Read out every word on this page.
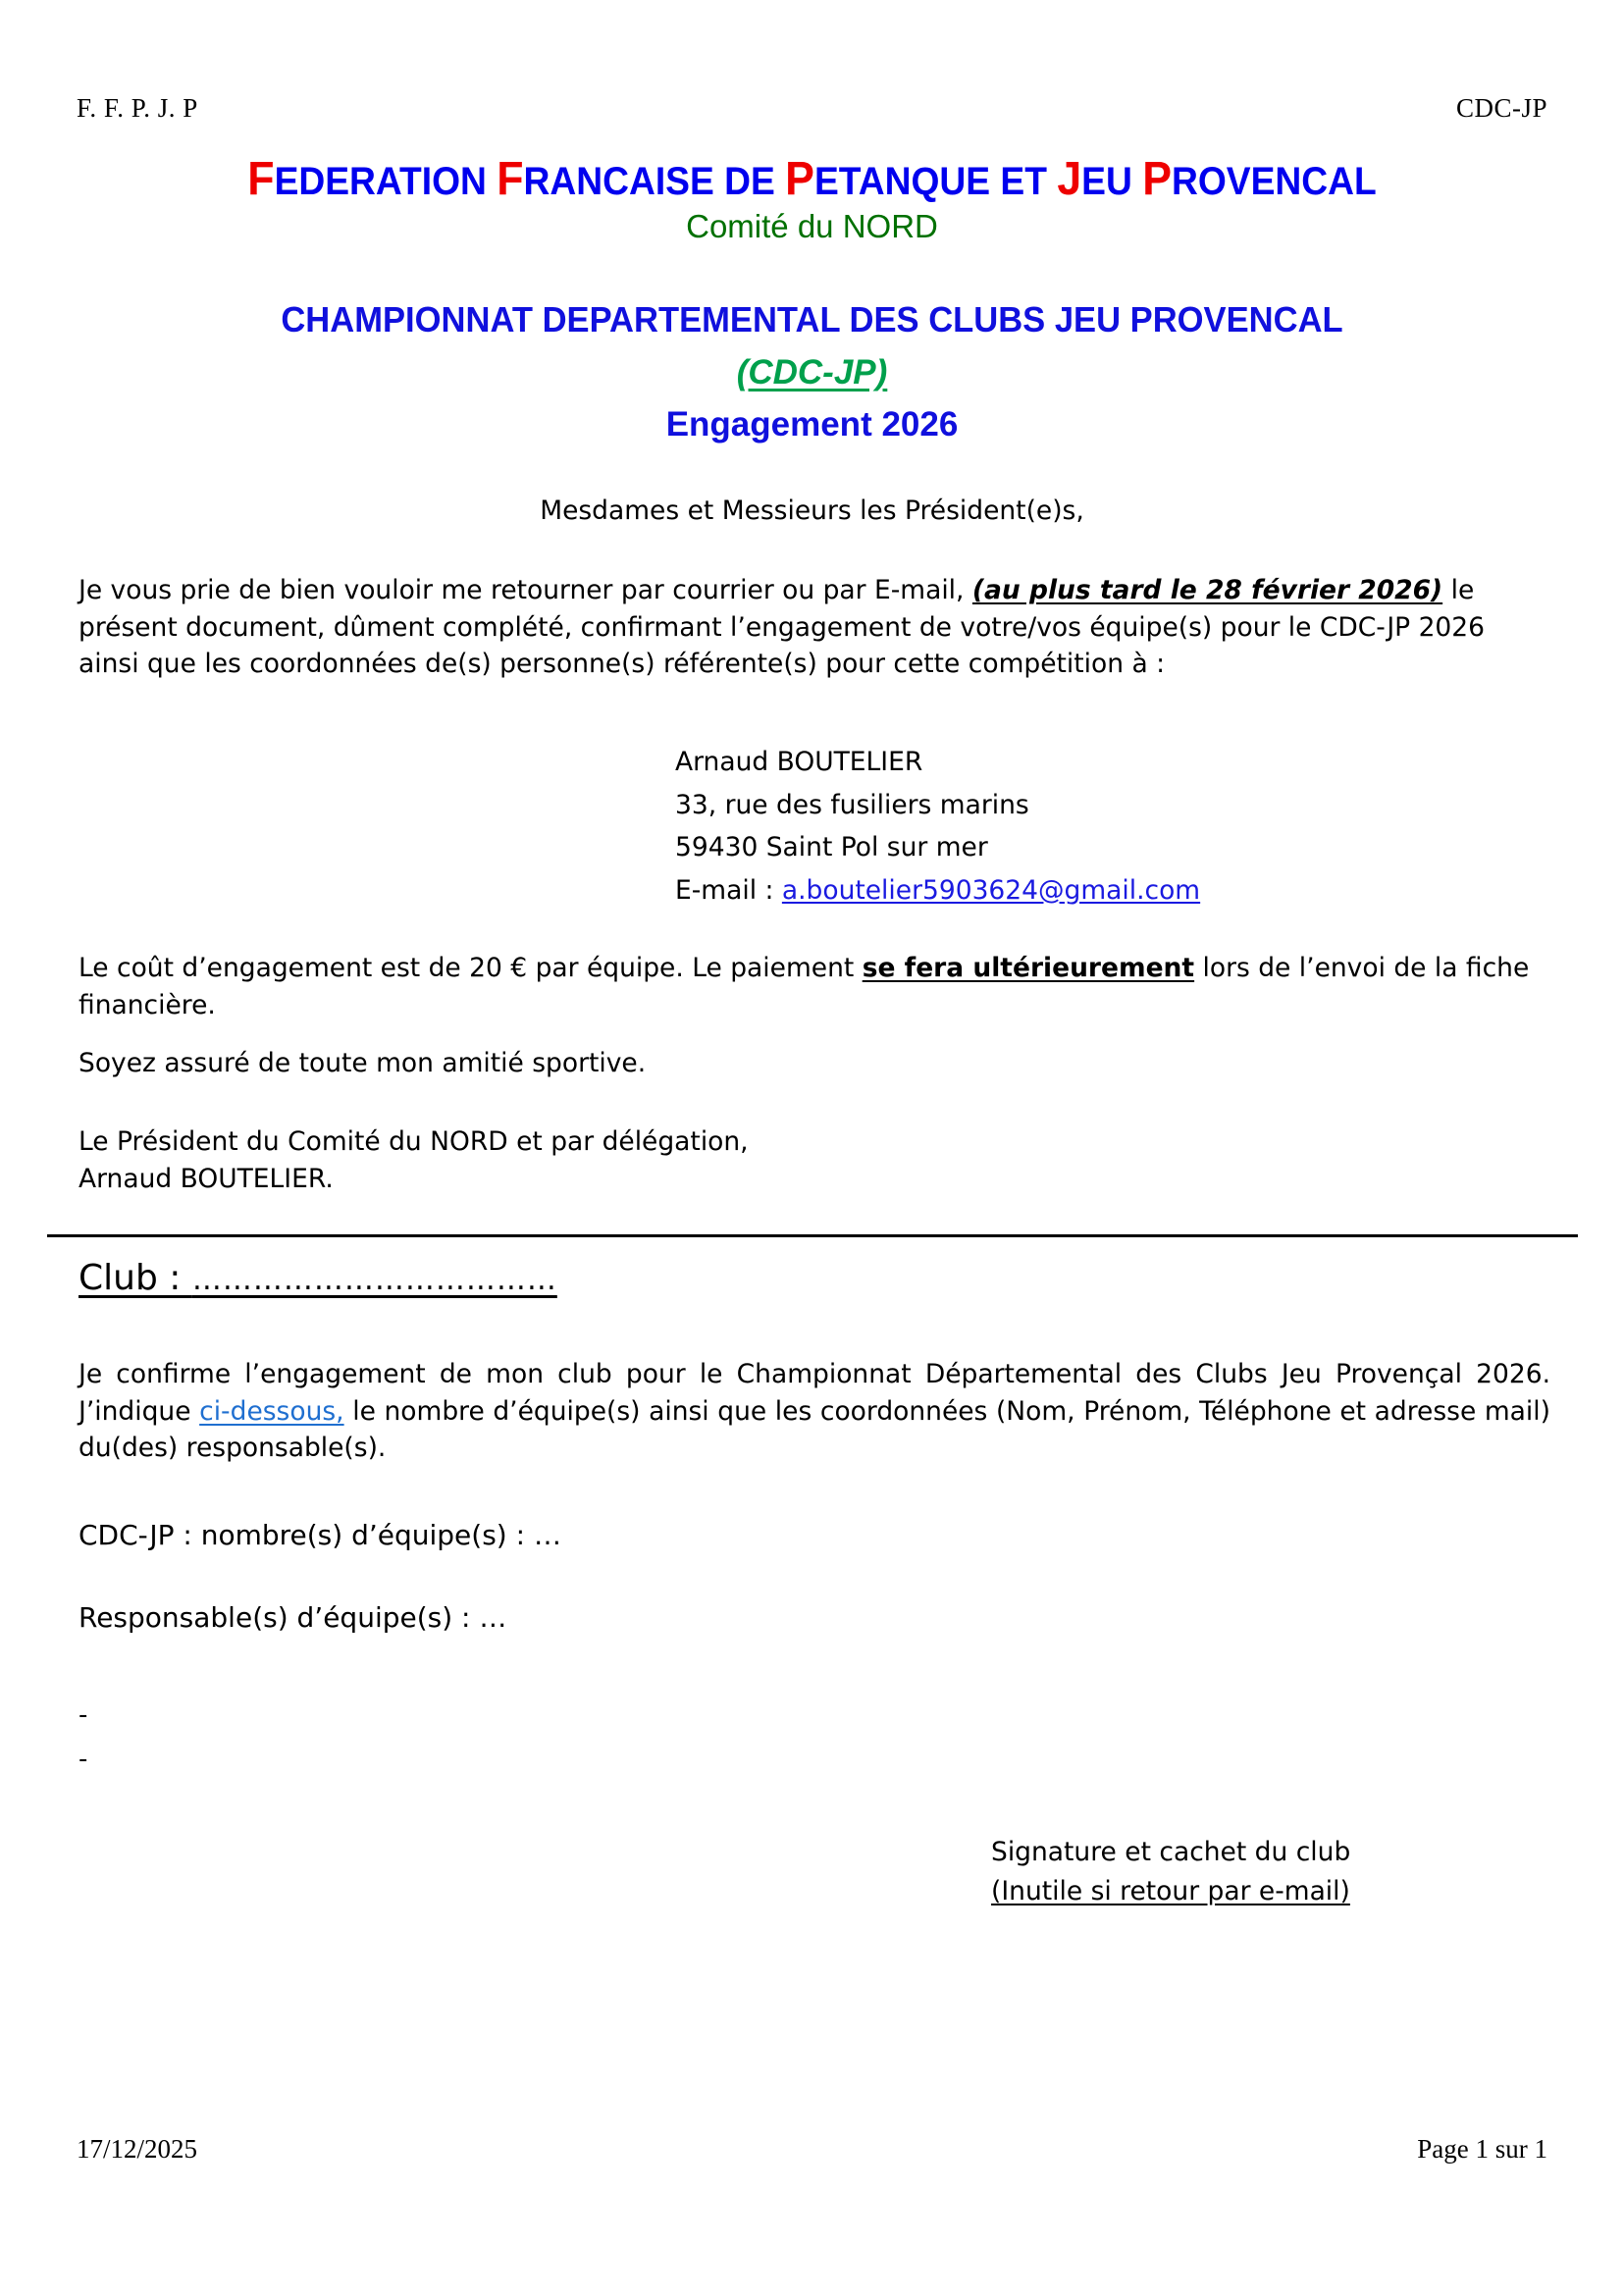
F. F. P. J. P	CDC-JP
FEDERATION FRANCAISE DE PETANQUE ET JEU PROVENCAL
Comité du NORD
CHAMPIONNAT DEPARTEMENTAL DES CLUBS JEU PROVENCAL
(CDC-JP)
Engagement 2026
Mesdames et Messieurs les Président(e)s,
Je vous prie de bien vouloir me retourner par courrier ou par E-mail, (au plus tard le 28 février 2026) le présent document, dûment complété, confirmant l’engagement de votre/vos équipe(s) pour le CDC-JP 2026 ainsi que les coordonnées de(s) personne(s) référente(s) pour cette compétition à :
Arnaud BOUTELIER
33, rue des fusiliers marins
59430 Saint Pol sur mer
E-mail : a.boutelier5903624@gmail.com
Le coût d’engagement est de 20 € par équipe. Le paiement se fera ultérieurement lors de l’envoi de la fiche financière.
Soyez assuré de toute mon amitié sportive.
Le Président du Comité du NORD et par délégation,
Arnaud BOUTELIER.
Club : ………………………………
Je confirme l’engagement de mon club pour le Championnat Départemental des Clubs Jeu Provençal 2026. J’indique ci-dessous, le nombre d’équipe(s) ainsi que les coordonnées (Nom, Prénom, Téléphone et adresse mail) du(des) responsable(s).
CDC-JP : nombre(s) d’équipe(s) : …
Responsable(s) d’équipe(s) : …
-
-
Signature et cachet du club
(Inutile si retour par e-mail)
17/12/2025	Page 1 sur 1
